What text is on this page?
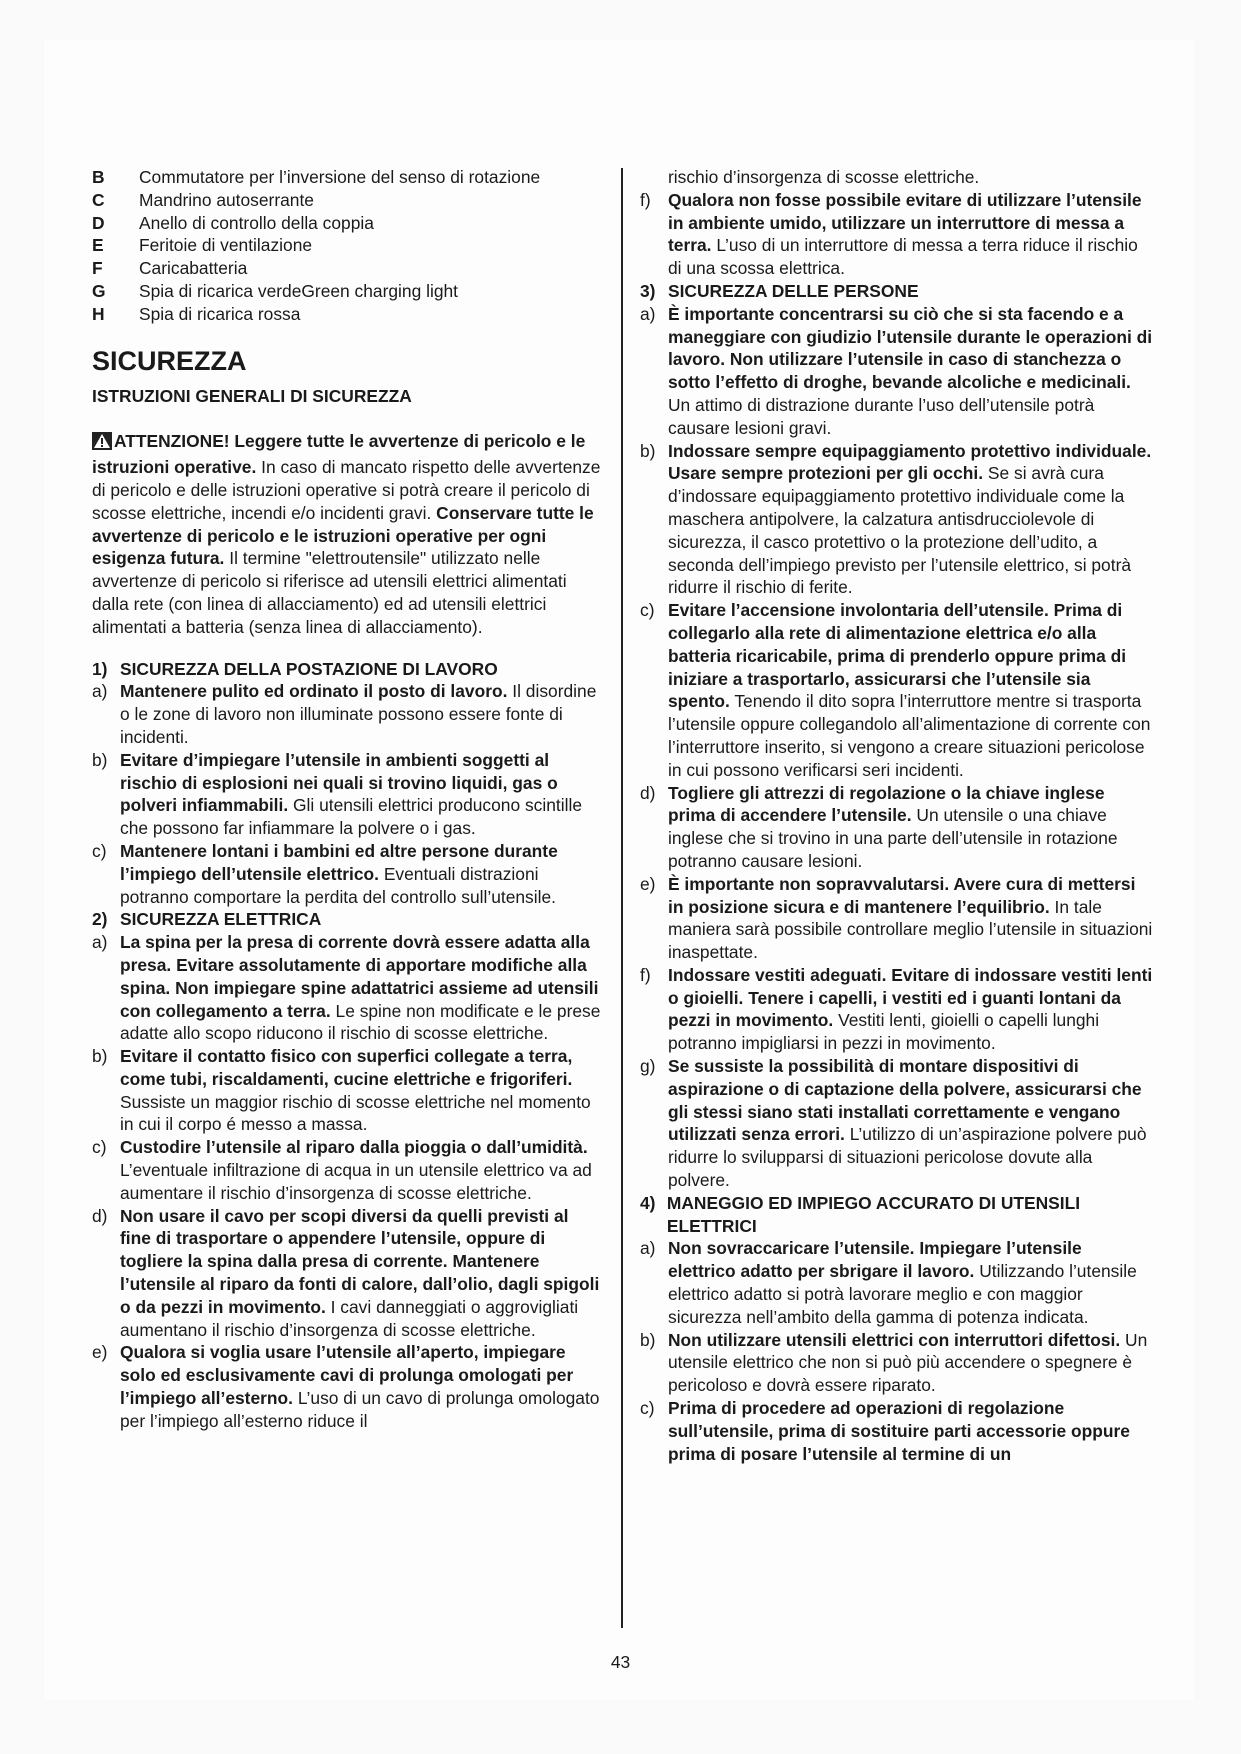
B	Commutatore per l’inversione del senso di rotazione
C	Mandrino autoserrante
D	Anello di controllo della coppia
E	Feritoie di ventilazione
F	Caricabatteria
G	Spia di ricarica verdeGreen charging light
H	Spia di ricarica rossa
SICUREZZA
ISTRUZIONI GENERALI DI SICUREZZA

ATTENZIONE! Leggere tutte le avvertenze di pericolo e le istruzioni operative. In caso di mancato rispetto delle avvertenze di pericolo e delle istruzioni operative si potrà creare il pericolo di scosse elettriche, incendi e/o incidenti gravi. Conservare tutte le avvertenze di pericolo e le istruzioni operative per ogni esigenza futura. Il termine "elettroutensile" utilizzato nelle avvertenze di pericolo si riferisce ad utensili elettrici alimentati dalla rete (con linea di allacciamento) ed ad utensili elettrici alimentati a batteria (senza linea di allacciamento).

1) SICUREZZA DELLA POSTAZIONE DI LAVORO
a) Mantenere pulito ed ordinato il posto di lavoro. Il disordine o le zone di lavoro non illuminate possono essere fonte di incidenti.
b) Evitare d’impiegare l’utensile in ambienti soggetti al rischio di esplosioni nei quali si trovino liquidi, gas o polveri infiammabili. Gli utensili elettrici producono scintille che possono far infiammare la polvere o i gas.
c) Mantenere lontani i bambini ed altre persone durante l’impiego dell’utensile elettrico. Eventuali distrazioni potranno comportare la perdita del controllo sull’utensile.
2) SICUREZZA ELETTRICA
a) La spina per la presa di corrente dovrà essere adatta alla presa. Evitare assolutamente di apportare modifiche alla spina. Non impiegare spine adattatrici assieme ad utensili con collegamento a terra. Le spine non modificate e le prese adatte allo scopo riducono il rischio di scosse elettriche.
b) Evitare il contatto fisico con superfici collegate a terra, come tubi, riscaldamenti, cucine elettriche e frigoriferi. Sussiste un maggior rischio di scosse elettriche nel momento in cui il corpo é messo a massa.
c) Custodire l’utensile al riparo dalla pioggia o dall’umidità. L’eventuale infiltrazione di acqua in un utensile elettrico va ad aumentare il rischio d’insorgenza di scosse elettriche.
d) Non usare il cavo per scopi diversi da quelli previsti al fine di trasportare o appendere l’utensile, oppure di togliere la spina dalla presa di corrente. Mantenere l’utensile al riparo da fonti di calore, dall’olio, dagli spigoli o da pezzi in movimento. I cavi danneggiati o aggrovigliati aumentano il rischio d’insorgenza di scosse elettriche.
e) Qualora si voglia usare l’utensile all’aperto, impiegare solo ed esclusivamente cavi di prolunga omologati per l’impiego all’esterno. L’uso di un cavo di prolunga omologato per l’impiego all’esterno riduce il
rischio d’insorgenza di scosse elettriche.
f) Qualora non fosse possibile evitare di utilizzare l’utensile in ambiente umido, utilizzare un interruttore di messa a terra. L’uso di un interruttore di messa a terra riduce il rischio di una scossa elettrica.
3) SICUREZZA DELLE PERSONE
a) È importante concentrarsi su ciò che si sta facendo e a maneggiare con giudizio l’utensile durante le operazioni di lavoro. Non utilizzare l’utensile in caso di stanchezza o sotto l’effetto di droghe, bevande alcoliche e medicinali. Un attimo di distrazione durante l’uso dell’utensile potrà causare lesioni gravi.
b) Indossare sempre equipaggiamento protettivo individuale. Usare sempre protezioni per gli occhi. Se si avrà cura d’indossare equipaggiamento protettivo individuale come la maschera antipolvere, la calzatura antisdrucciolevole di sicurezza, il casco protettivo o la protezione dell’udito, a seconda dell’impiego previsto per l’utensile elettrico, si potrà ridurre il rischio di ferite.
c) Evitare l’accensione involontaria dell’utensile. Prima di collegarlo alla rete di alimentazione elettrica e/o alla batteria ricaricabile, prima di prenderlo oppure prima di iniziare a trasportarlo, assicurarsi che l’utensile sia spento. Tenendo il dito sopra l’interruttore mentre si trasporta l’utensile oppure collegandolo all’alimentazione di corrente con l’interruttore inserito, si vengono a creare situazioni pericolose in cui possono verificarsi seri incidenti.
d) Togliere gli attrezzi di regolazione o la chiave inglese prima di accendere l’utensile. Un utensile o una chiave inglese che si trovino in una parte dell’utensile in rotazione potranno causare lesioni.
e) È importante non sopravvalutarsi. Avere cura di mettersi in posizione sicura e di mantenere l’equilibrio. In tale maniera sarà possibile controllare meglio l’utensile in situazioni inaspettate.
f) Indossare vestiti adeguati. Evitare di indossare vestiti lenti o gioielli. Tenere i capelli, i vestiti ed i guanti lontani da pezzi in movimento. Vestiti lenti, gioielli o capelli lunghi potranno impigliarsi in pezzi in movimento.
g) Se sussiste la possibilità di montare dispositivi di aspirazione o di captazione della polvere, assicurarsi che gli stessi siano stati installati correttamente e vengano utilizzati senza errori. L’utilizzo di un’aspirazione polvere può ridurre lo svilupparsi di situazioni pericolose dovute alla polvere.
4) MANEGGIO ED IMPIEGO ACCURATO DI UTENSILI ELETTRICI
a) Non sovraccaricare l’utensile. Impiegare l’utensile elettrico adatto per sbrigare il lavoro. Utilizzando l’utensile elettrico adatto si potrà lavorare meglio e con maggior sicurezza nell’ambito della gamma di potenza indicata.
b) Non utilizzare utensili elettrici con interruttori difettosi. Un utensile elettrico che non si può più accendere o spegnere è pericoloso e dovrà essere riparato.
c) Prima di procedere ad operazioni di regolazione sull’utensile, prima di sostituire parti accessorie oppure prima di posare l’utensile al termine di un
43
